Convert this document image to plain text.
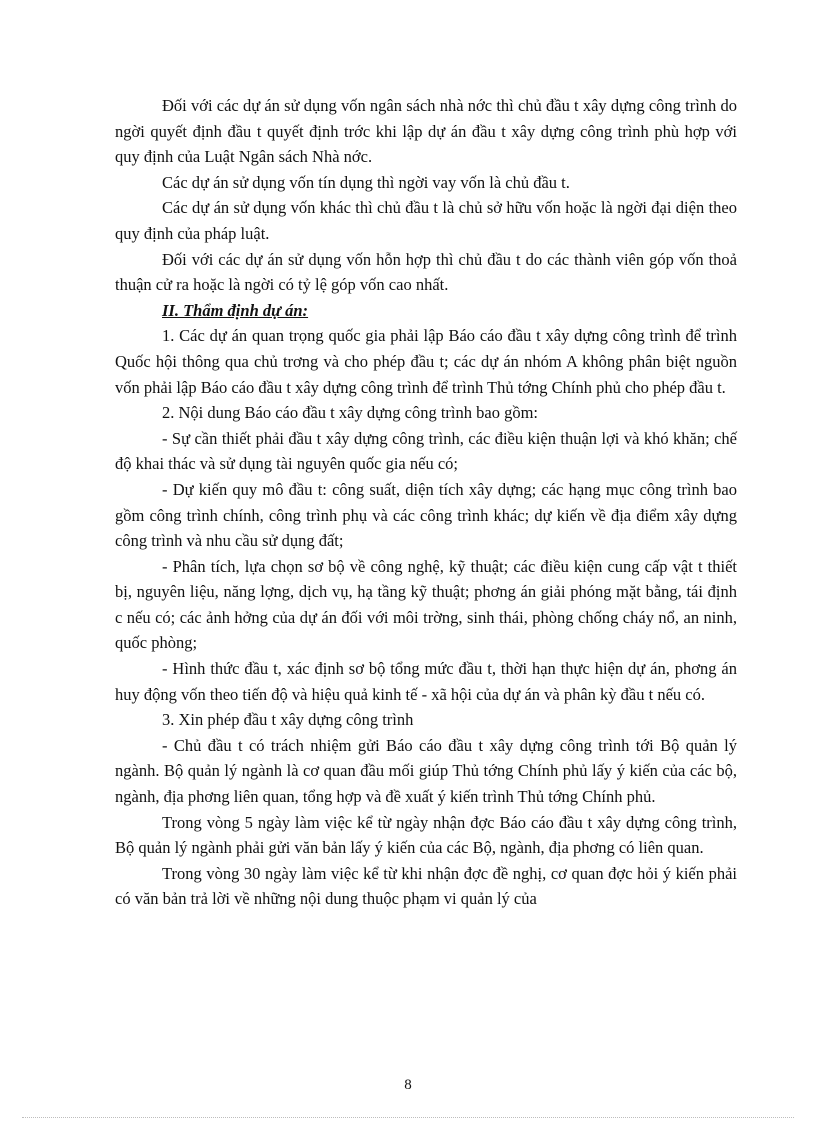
Đối với các dự án sử dụng vốn ngân sách nhà nớc thì chủ đầu t xây dựng công trình do ngời quyết định đầu t quyết định trớc khi lập dự án đầu t xây dựng công trình phù hợp với quy định của Luật Ngân sách Nhà nớc.

Các dự án sử dụng vốn tín dụng thì ngời vay vốn là chủ đầu t.

Các dự án sử dụng vốn khác thì chủ đầu t là chủ sở hữu vốn hoặc là ngời đại diện theo quy định của pháp luật.

Đối với các dự án sử dụng vốn hỗn hợp thì chủ đầu t do các thành viên góp vốn thoả thuận cử ra hoặc là ngời có tỷ lệ góp vốn cao nhất.

II. Thẩm định dự án:

1. Các dự án quan trọng quốc gia phải lập Báo cáo đầu t xây dựng công trình để trình Quốc hội thông qua chủ trơng và cho phép đầu t; các dự án nhóm A không phân biệt nguồn vốn phải lập Báo cáo đầu t xây dựng công trình để trình Thủ tớng Chính phủ cho phép đầu t.

2. Nội dung Báo cáo đầu t xây dựng công trình bao gồm:

- Sự cần thiết phải đầu t xây dựng công trình, các điều kiện thuận lợi và khó khăn; chế độ khai thác và sử dụng tài nguyên quốc gia nếu có;

- Dự kiến quy mô đầu t: công suất, diện tích xây dựng; các hạng mục công trình bao gồm công trình chính, công trình phụ và các công trình khác; dự kiến về địa điểm xây dựng công trình và nhu cầu sử dụng đất;

- Phân tích, lựa chọn sơ bộ về công nghệ, kỹ thuật; các điều kiện cung cấp vật t thiết bị, nguyên liệu, năng lợng, dịch vụ, hạ tầng kỹ thuật; phơng án giải phóng mặt bằng, tái định c nếu có; các ảnh hởng của dự án đối với môi trờng, sinh thái, phòng chống cháy nổ, an ninh, quốc phòng;

- Hình thức đầu t, xác định sơ bộ tổng mức đầu t, thời hạn thực hiện dự án, phơng án huy động vốn theo tiến độ và hiệu quả kinh tế - xã hội của dự án và phân kỳ đầu t nếu có.

3. Xin phép đầu t xây dựng công trình

- Chủ đầu t có trách nhiệm gửi Báo cáo đầu t xây dựng công trình tới Bộ quản lý ngành. Bộ quản lý ngành là cơ quan đầu mối giúp Thủ tớng Chính phủ lấy ý kiến của các bộ, ngành, địa phơng liên quan, tổng hợp và đề xuất ý kiến trình Thủ tớng Chính phủ.

Trong vòng 5 ngày làm việc kể từ ngày nhận đợc Báo cáo đầu t xây dựng công trình, Bộ quản lý ngành phải gửi văn bản lấy ý kiến của các Bộ, ngành, địa phơng có liên quan.

Trong vòng 30 ngày làm việc kể từ khi nhận đợc đề nghị, cơ quan đợc hỏi ý kiến phải có văn bản trả lời về những nội dung thuộc phạm vi quản lý của

8
